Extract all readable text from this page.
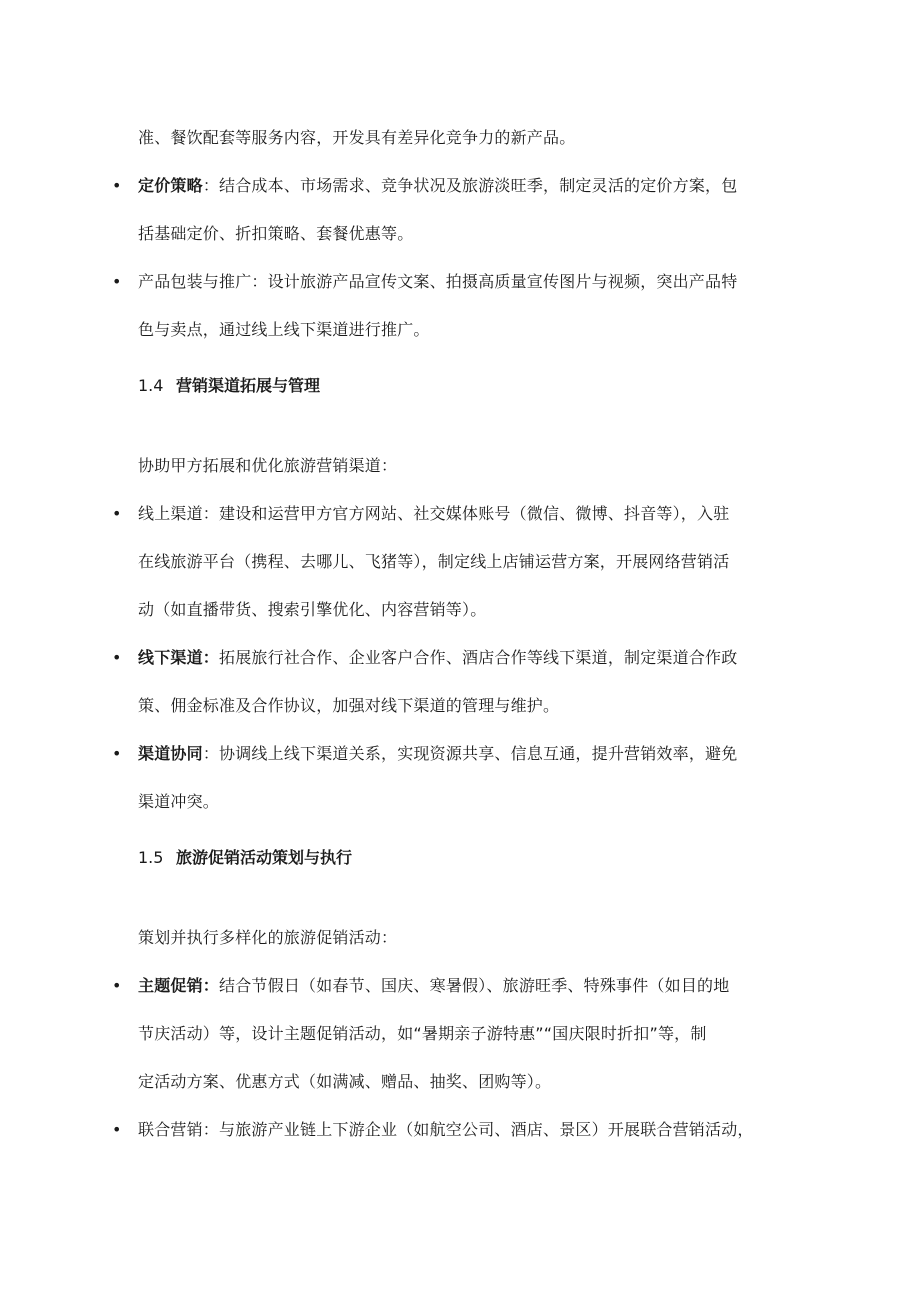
准、餐饮配套等服务内容，开发具有差异化竞争力的新产品。
• 定价策略：结合成本、市场需求、竞争状况及旅游淡旺季，制定灵活的定价方案，包
括基础定价、折扣策略、套餐优惠等。
• 产品包装与推广：设计旅游产品宣传文案、拍摄高质量宣传图片与视频，突出产品特
色与卖点，通过线上线下渠道进行推广。
1.4 营销渠道拓展与管理
协助甲方拓展和优化旅游营销渠道：
• 线上渠道：建设和运营甲方官方网站、社交媒体账号（微信、微博、抖音等），入驻
在线旅游平台（携程、去哪儿、飞猪等），制定线上店铺运营方案，开展网络营销活
动（如直播带货、搜索引擎优化、内容营销等）。
• 线下渠道：拓展旅行社合作、企业客户合作、酒店合作等线下渠道，制定渠道合作政
策、佣金标准及合作协议，加强对线下渠道的管理与维护。
• 渠道协同：协调线上线下渠道关系，实现资源共享、信息互通，提升营销效率，避免
渠道冲突。
1.5 旅游促销活动策划与执行
策划并执行多样化的旅游促销活动：
• 主题促销：结合节假日（如春节、国庆、寒暑假）、旅游旺季、特殊事件（如目的地
节庆活动）等，设计主题促销活动，如“暑期亲子游特惠”“国庆限时折扣”等，制
定活动方案、优惠方式（如满减、赠品、抽奖、团购等）。
• 联合营销：与旅游产业链上下游企业（如航空公司、酒店、景区）开展联合营销活动，
